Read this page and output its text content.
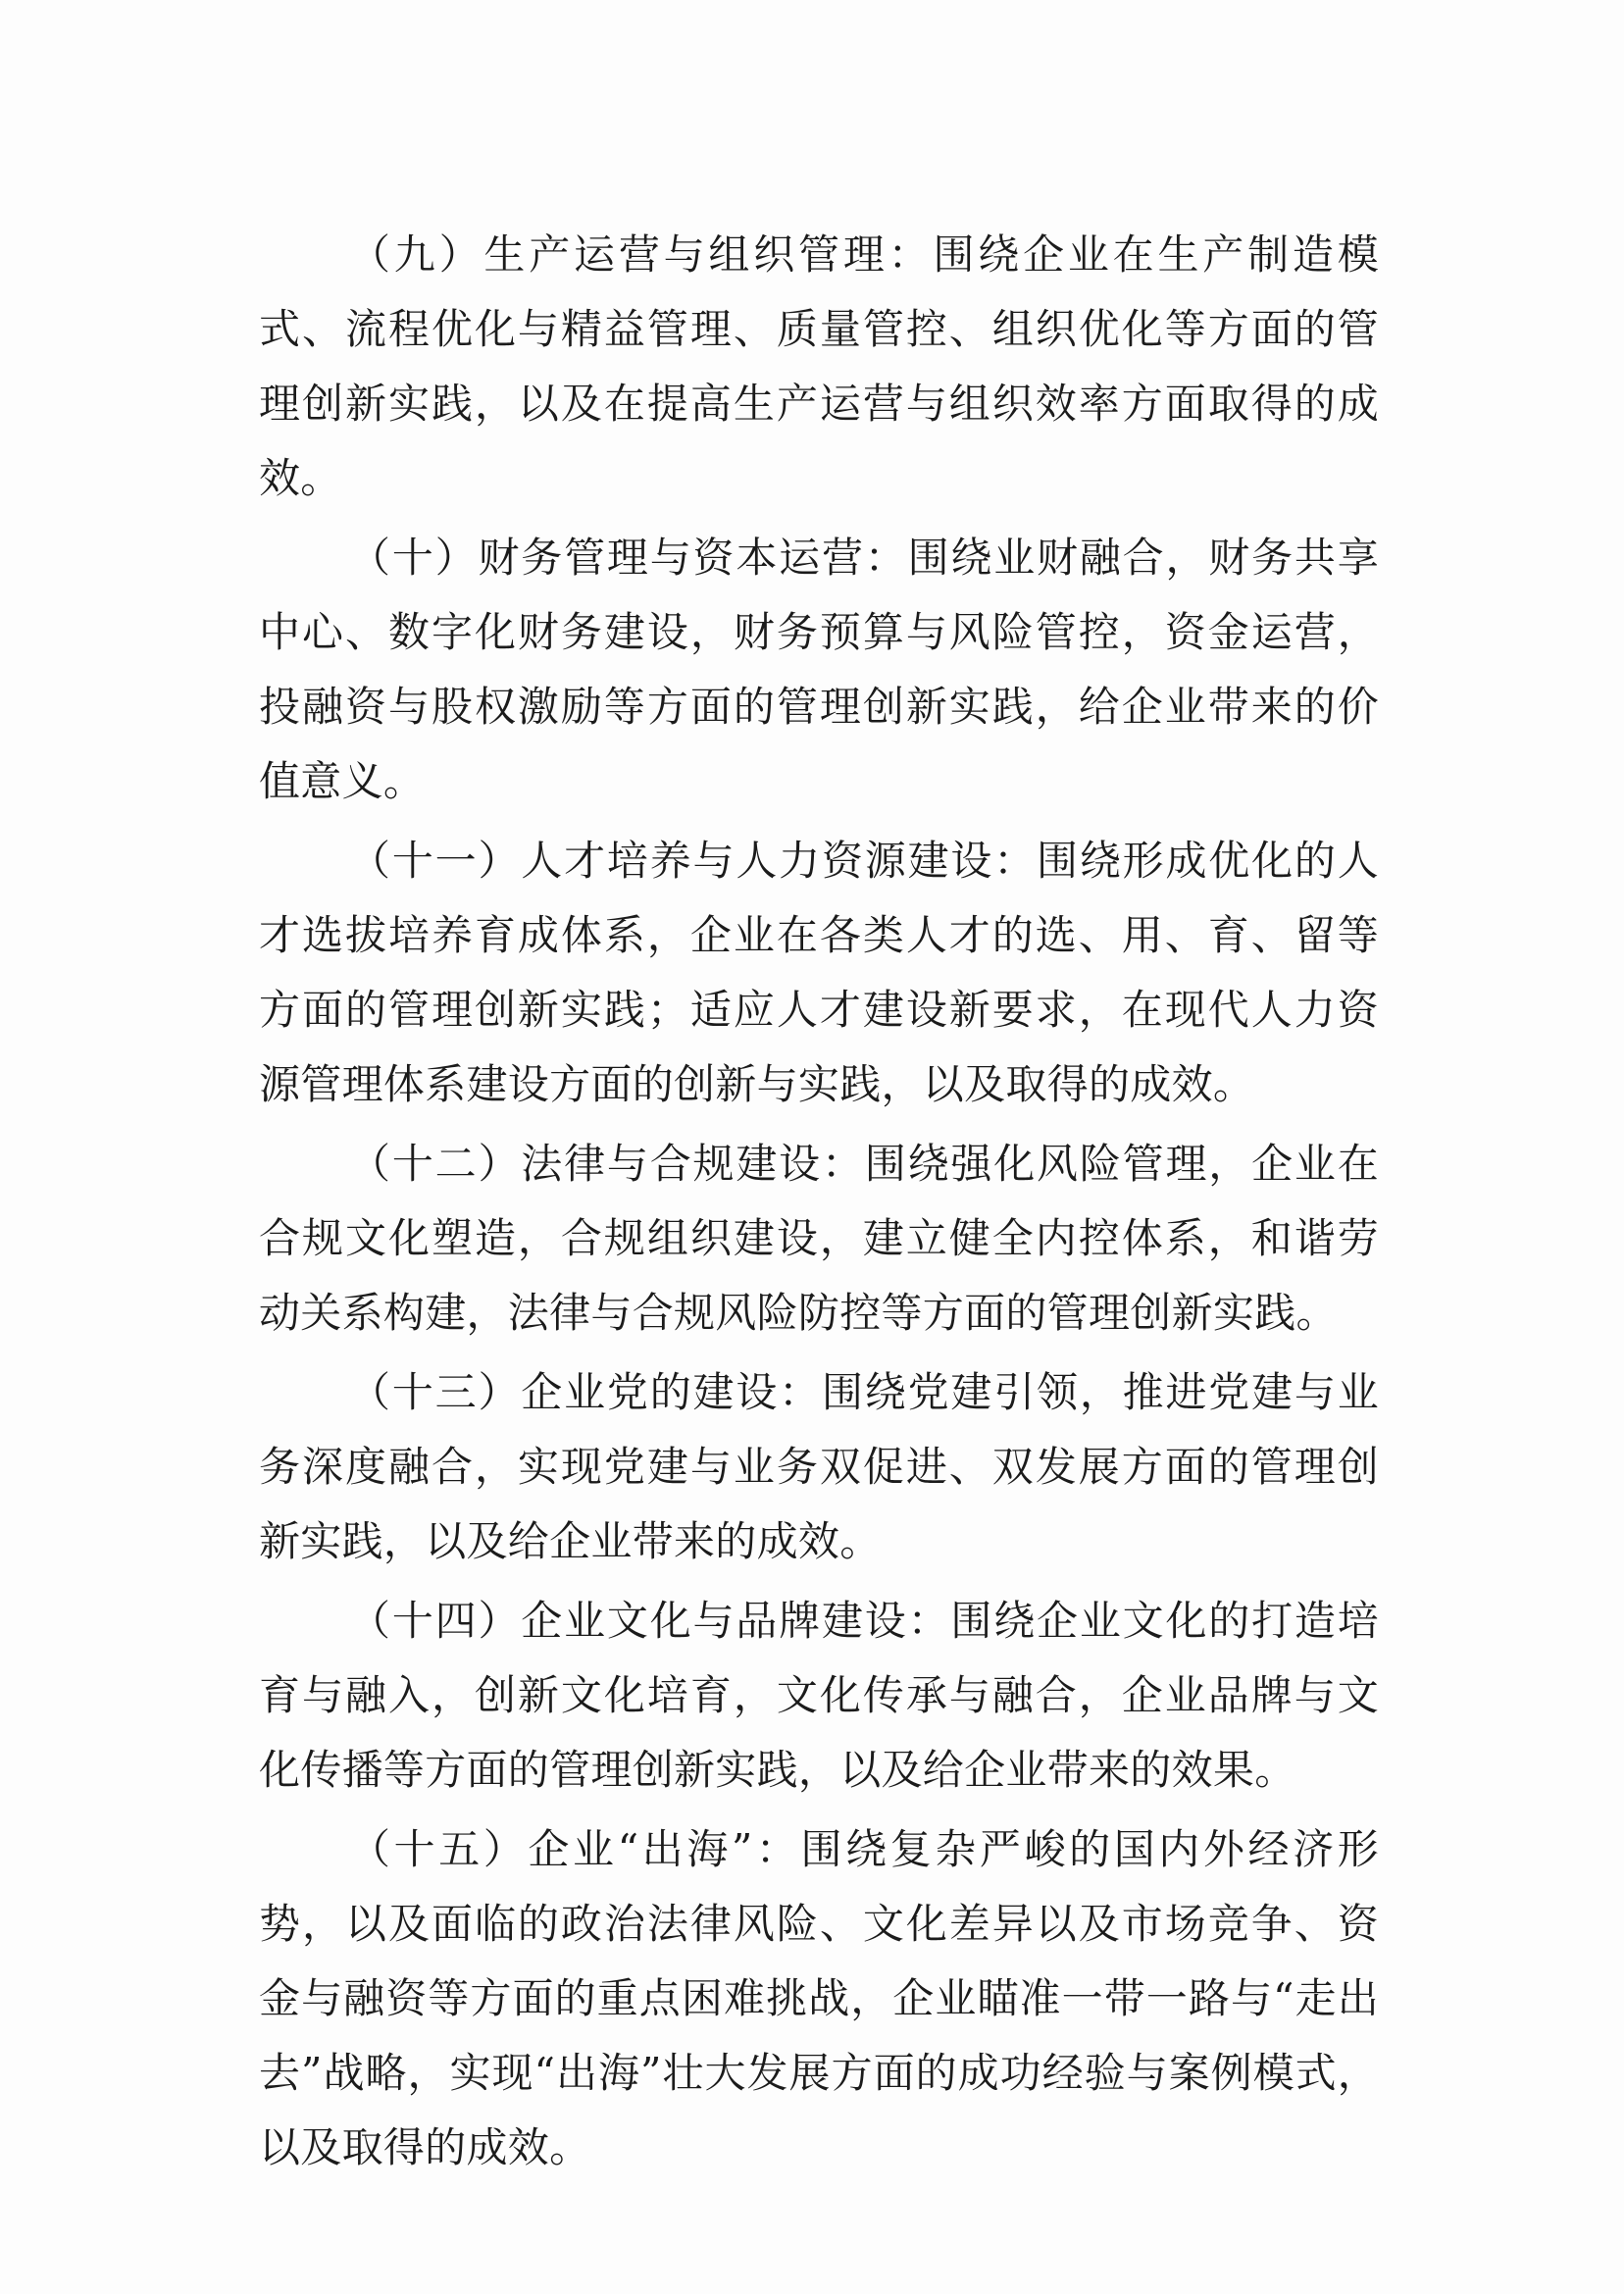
（九）生产运营与组织管理：围绕企业在生产制造模式、流程优化与精益管理、质量管控、组织优化等方面的管理创新实践，以及在提高生产运营与组织效率方面取得的成效。

（十）财务管理与资本运营：围绕业财融合，财务共享中心、数字化财务建设，财务预算与风险管控，资金运营，投融资与股权激励等方面的管理创新实践，给企业带来的价值意义。

（十一）人才培养与人力资源建设：围绕形成优化的人才选拔培养育成体系，企业在各类人才的选、用、育、留等方面的管理创新实践；适应人才建设新要求，在现代人力资源管理体系建设方面的创新与实践，以及取得的成效。

（十二）法律与合规建设：围绕强化风险管理，企业在合规文化塑造，合规组织建设，建立健全内控体系，和谐劳动关系构建，法律与合规风险防控等方面的管理创新实践。

（十三）企业党的建设：围绕党建引领，推进党建与业务深度融合，实现党建与业务双促进、双发展方面的管理创新实践，以及给企业带来的成效。

（十四）企业文化与品牌建设：围绕企业文化的打造培育与融入，创新文化培育，文化传承与融合，企业品牌与文化传播等方面的管理创新实践，以及给企业带来的效果。

（十五）企业“出海”：围绕复杂严峻的国内外经济形势，以及面临的政治法律风险、文化差异以及市场竞争、资金与融资等方面的重点困难挑战，企业瞄准一带一路与“走出去”战略，实现“出海”壮大发展方面的成功经验与案例模式，以及取得的成效。
